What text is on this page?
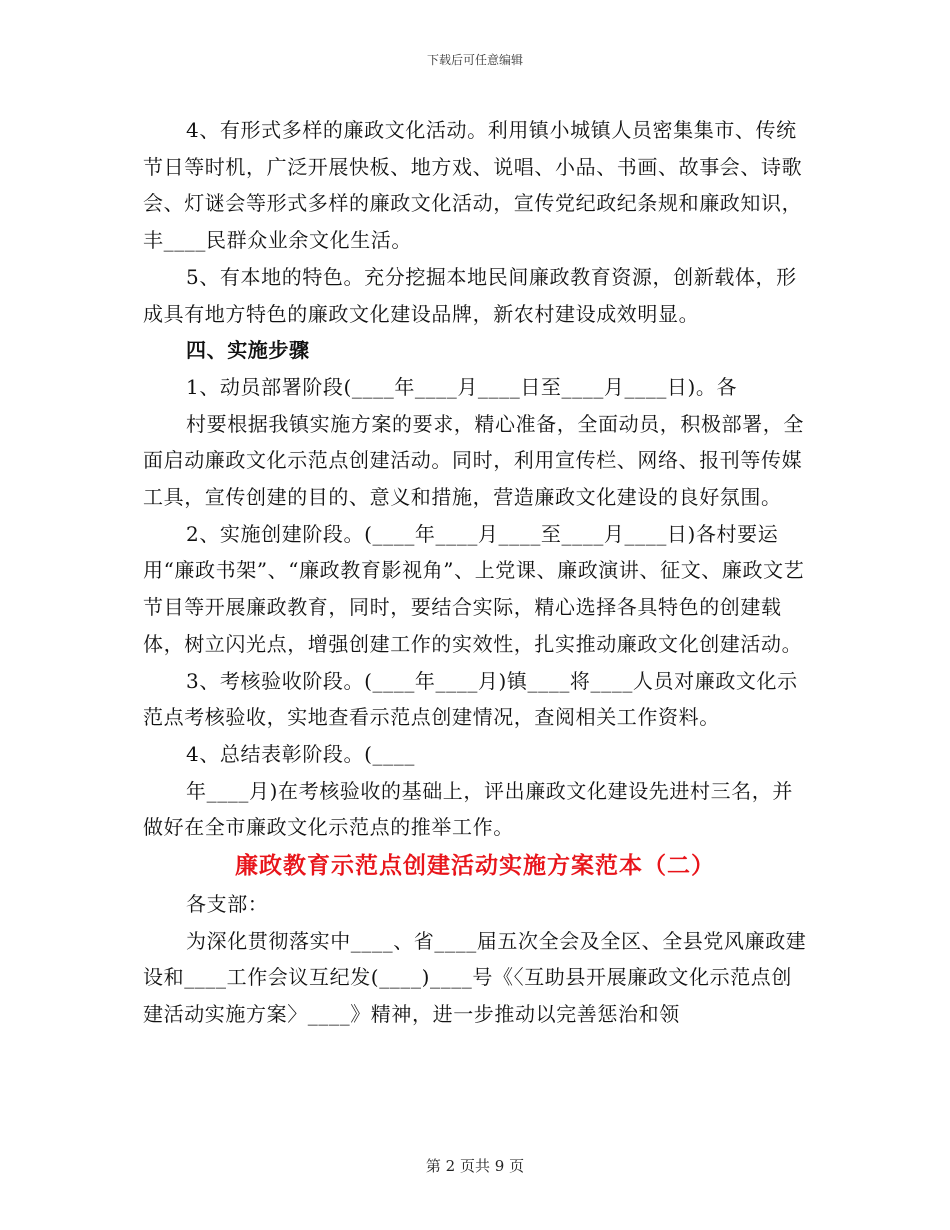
下载后可任意编辑

4、有形式多样的廉政文化活动。利用镇小城镇人员密集集市、传统节日等时机，广泛开展快板、地方戏、说唱、小品、书画、故事会、诗歌会、灯谜会等形式多样的廉政文化活动，宣传党纪政纪条规和廉政知识，丰____民群众业余文化生活。

5、有本地的特色。充分挖掘本地民间廉政教育资源，创新载体，形成具有地方特色的廉政文化建设品牌，新农村建设成效明显。

四、实施步骤

1、动员部署阶段(____年____月____日至____月____日)。各

村要根据我镇实施方案的要求，精心准备，全面动员，积极部署，全面启动廉政文化示范点创建活动。同时，利用宣传栏、网络、报刊等传媒工具，宣传创建的目的、意义和措施，营造廉政文化建设的良好氛围。

2、实施创建阶段。(____年____月____至____月____日)各村要运用“廉政书架”、“廉政教育影视角”、上党课、廉政演讲、征文、廉政文艺节目等开展廉政教育，同时，要结合实际，精心选择各具特色的创建载体，树立闪光点，增强创建工作的实效性，扎实推动廉政文化创建活动。

3、考核验收阶段。(____年____月)镇____将____人员对廉政文化示范点考核验收，实地查看示范点创建情况，查阅相关工作资料。

4、总结表彰阶段。(____

年____月)在考核验收的基础上，评出廉政文化建设先进村三名，并做好在全市廉政文化示范点的推举工作。

廉政教育示范点创建活动实施方案范本（二）

各支部：

为深化贯彻落实中____、省____届五次全会及全区、全县党风廉政建设和____工作会议互纪发(____)____号《〈互助县开展廉政文化示范点创建活动实施方案〉____》精神，进一步推动以完善惩治和领

第 2 页共 9 页
